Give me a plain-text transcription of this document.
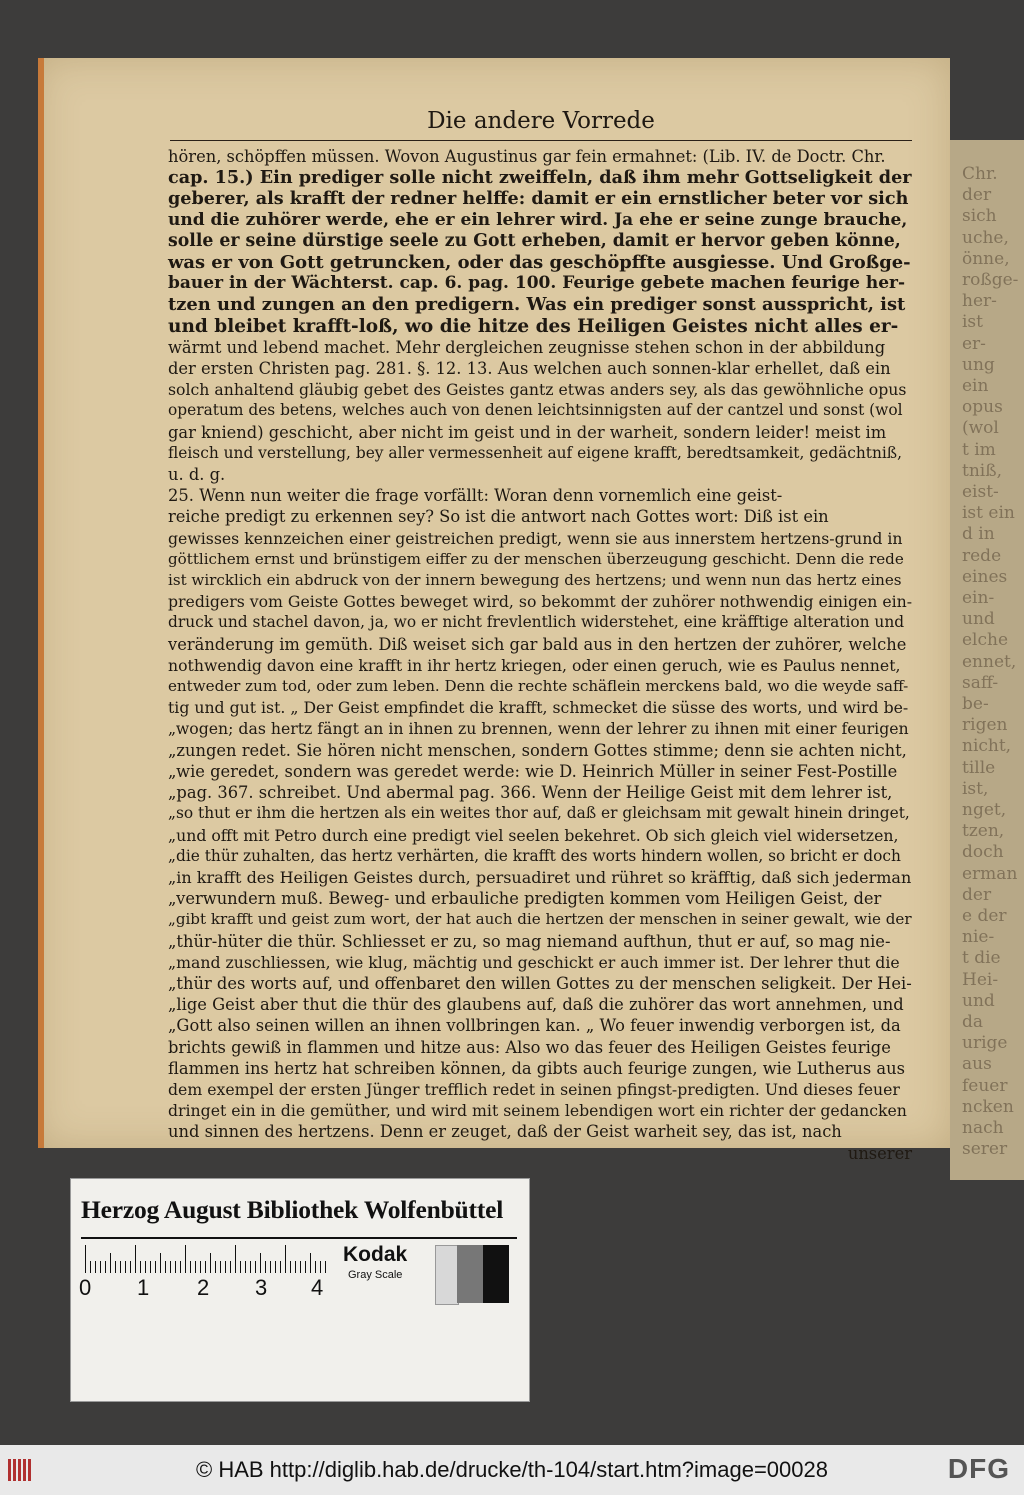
Chr.
der
sich
uche,
önne,
roßge-
her-
ist
er-
ung
ein
opus
(wol
t im
tniß,
eist-
ist ein
d in
rede
eines
ein-
und
elche
ennet,
saff-
be-
rigen
nicht,
tille
ist,
nget,
tzen,
doch
erman
der
e der
nie-
t die
Hei-
und
da
urige
aus
feuer
ncken
nach
serer
Die andere Vorrede

hören, schöpffen müssen. Wovon Augustinus gar fein ermahnet: (Lib. IV. de Doctr. Chr.

cap. 15.) Ein prediger solle nicht zweiffeln, daß ihm mehr Gottseligkeit der

geberer, als krafft der redner helffe: damit er ein ernstlicher beter vor sich

und die zuhörer werde, ehe er ein lehrer wird. Ja ehe er seine zunge brauche,

solle er seine dürstige seele zu Gott erheben, damit er hervor geben könne,

was er von Gott getruncken, oder das geschöpffte ausgiesse. Und Großge-

bauer in der Wächterst. cap. 6. pag. 100. Feurige gebete machen feurige her-

tzen und zungen an den predigern. Was ein prediger sonst ausspricht, ist

und bleibet krafft-loß, wo die hitze des Heiligen Geistes nicht alles er-

wärmt und lebend machet. Mehr dergleichen zeugnisse stehen schon in der abbildung

der ersten Christen pag. 281. §. 12. 13. Aus welchen auch sonnen-klar erhellet, daß ein

solch anhaltend gläubig gebet des Geistes gantz etwas anders sey, als das gewöhnliche opus

operatum des betens, welches auch von denen leichtsinnigsten auf der cantzel und sonst (wol

gar kniend) geschicht, aber nicht im geist und in der warheit, sondern leider! meist im

fleisch und verstellung, bey aller vermessenheit auf eigene krafft, beredtsamkeit, gedächtniß,

u. d. g.

25. Wenn nun weiter die frage vorfällt: Woran denn vornemlich eine geist-

reiche predigt zu erkennen sey? So ist die antwort nach Gottes wort: Diß ist ein

gewisses kennzeichen einer geistreichen predigt, wenn sie aus innerstem hertzens-grund in

göttlichem ernst und brünstigem eiffer zu der menschen überzeugung geschicht. Denn die rede

ist wircklich ein abdruck von der innern bewegung des hertzens; und wenn nun das hertz eines

predigers vom Geiste Gottes beweget wird, so bekommt der zuhörer nothwendig einigen ein-

druck und stachel davon, ja, wo er nicht frevlentlich widerstehet, eine kräfftige alteration und

veränderung im gemüth. Diß weiset sich gar bald aus in den hertzen der zuhörer, welche

nothwendig davon eine krafft in ihr hertz kriegen, oder einen geruch, wie es Paulus nennet,

entweder zum tod, oder zum leben. Denn die rechte schäflein merckens bald, wo die weyde saff-

tig und gut ist. „ Der Geist empfindet die krafft, schmecket die süsse des worts, und wird be-

„wogen; das hertz fängt an in ihnen zu brennen, wenn der lehrer zu ihnen mit einer feurigen

„zungen redet. Sie hören nicht menschen, sondern Gottes stimme; denn sie achten nicht,

„wie geredet, sondern was geredet werde: wie D. Heinrich Müller in seiner Fest-Postille

„pag. 367. schreibet. Und abermal pag. 366. Wenn der Heilige Geist mit dem lehrer ist,

„so thut er ihm die hertzen als ein weites thor auf, daß er gleichsam mit gewalt hinein dringet,

„und offt mit Petro durch eine predigt viel seelen bekehret. Ob sich gleich viel widersetzen,

„die thür zuhalten, das hertz verhärten, die krafft des worts hindern wollen, so bricht er doch

„in krafft des Heiligen Geistes durch, persuadiret und rühret so kräfftig, daß sich jederman

„verwundern muß. Beweg- und erbauliche predigten kommen vom Heiligen Geist, der

„gibt krafft und geist zum wort, der hat auch die hertzen der menschen in seiner gewalt, wie der

„thür-hüter die thür. Schliesset er zu, so mag niemand aufthun, thut er auf, so mag nie-

„mand zuschliessen, wie klug, mächtig und geschickt er auch immer ist. Der lehrer thut die

„thür des worts auf, und offenbaret den willen Gottes zu der menschen seligkeit. Der Hei-

„lige Geist aber thut die thür des glaubens auf, daß die zuhörer das wort annehmen, und

„Gott also seinen willen an ihnen vollbringen kan. „ Wo feuer inwendig verborgen ist, da

brichts gewiß in flammen und hitze aus: Also wo das feuer des Heiligen Geistes feurige

flammen ins hertz hat schreiben können, da gibts auch feurige zungen, wie Lutherus aus

dem exempel der ersten Jünger trefflich redet in seinen pfingst-predigten. Und dieses feuer

dringet ein in die gemüther, und wird mit seinem lebendigen wort ein richter der gedancken

und sinnen des hertzens. Denn er zeuget, daß der Geist warheit sey, das ist, nach

unserer

Herzog August Bibliothek Wolfenbüttel
0 1 2 3 4
Kodak
Gray Scale
© HAB http://diglib.hab.de/drucke/th-104/start.htm?image=00028	DFG
